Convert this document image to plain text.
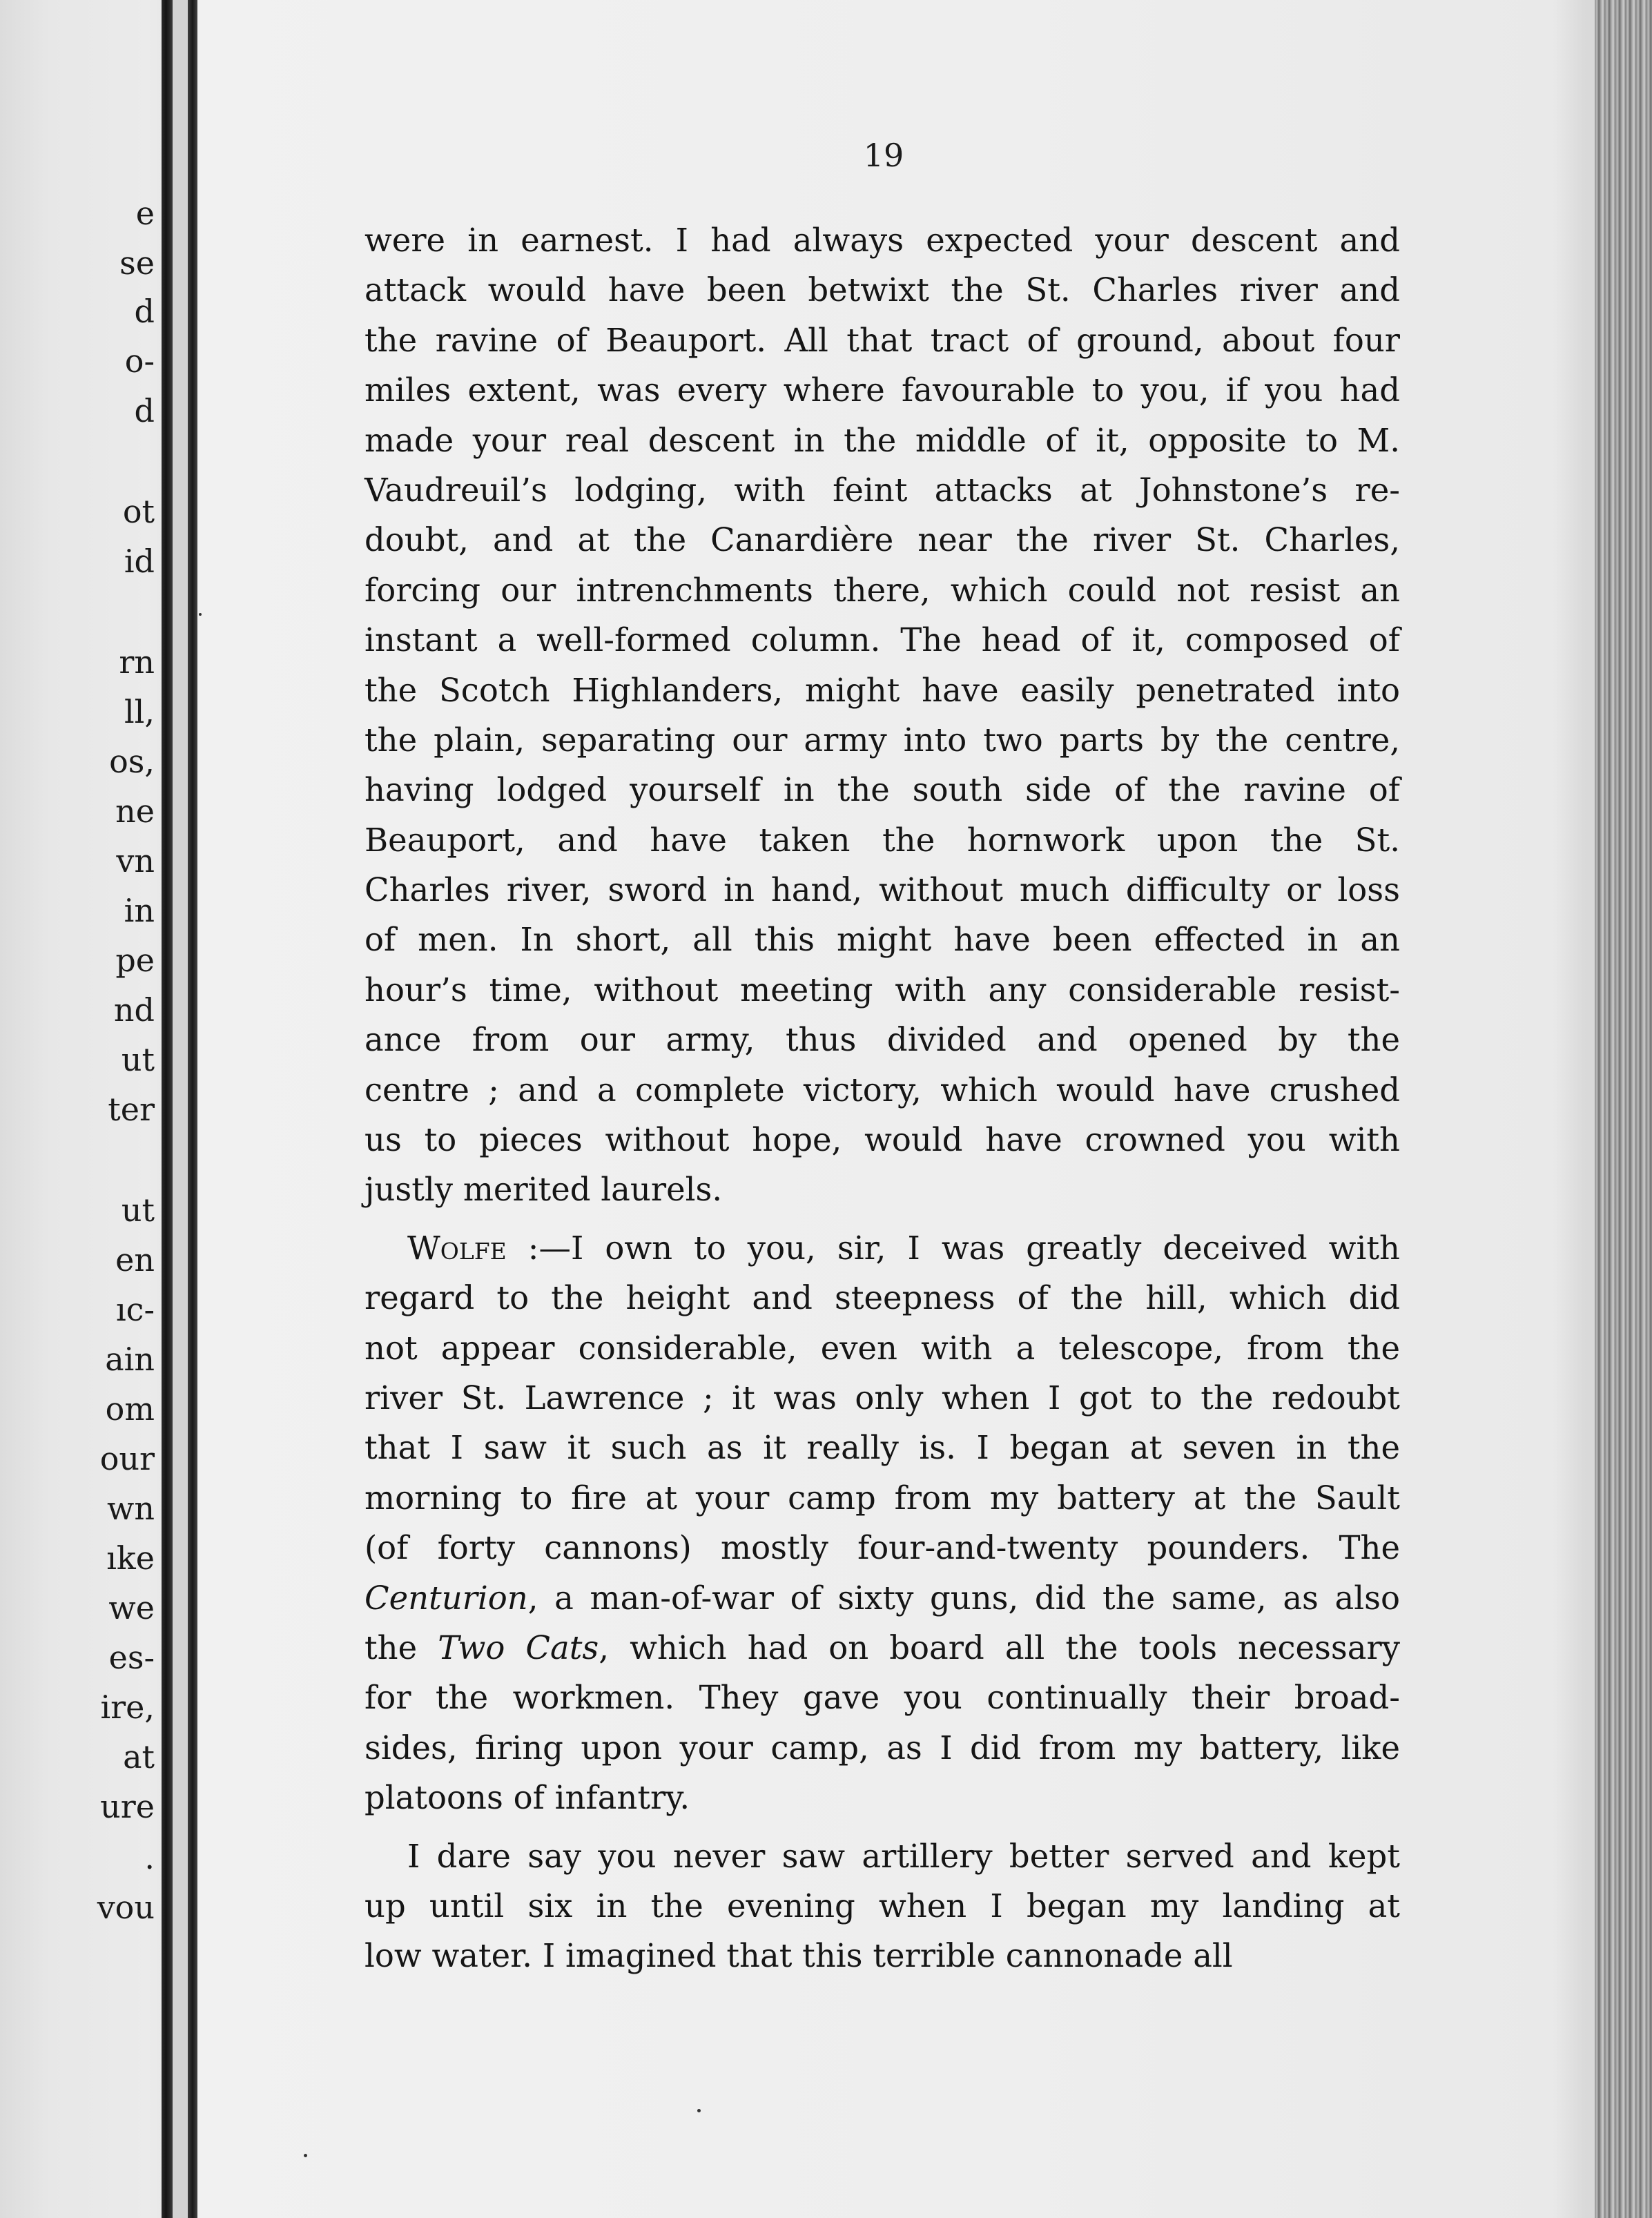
e
se
d
o-
d
ot
id
rn
ll,
os,
ne
vn
in
pe
nd
ut
ter
ut
en
ıc-
ain
om
our
wn
ıke
we
es-
ire,
at
ure
.
vou
19
were in earnest. I had always expected your descent and
attack would have been betwixt the St. Charles river and
the ravine of Beauport. All that tract of ground, about four
miles extent, was every where favourable to you, if you had
made your real descent in the middle of it, opposite to M.
Vaudreuil’s lodging, with feint attacks at Johnstone’s re-
doubt, and at the Canardière near the river St. Charles,
forcing our intrenchments there, which could not resist an
instant a well-formed column. The head of it, composed of
the Scotch Highlanders, might have easily penetrated into
the plain, separating our army into two parts by the centre,
having lodged yourself in the south side of the ravine of
Beauport, and have taken the hornwork upon the St.
Charles river, sword in hand, without much difficulty or loss
of men. In short, all this might have been effected in an
hour’s time, without meeting with any considerable resist-
ance from our army, thus divided and opened by the
centre ; and a complete victory, which would have crushed
us to pieces without hope, would have crowned you with
justly merited laurels.
Wolfe :—I own to you, sir, I was greatly deceived with
regard to the height and steepness of the hill, which did
not appear considerable, even with a telescope, from the
river St. Lawrence ; it was only when I got to the redoubt
that I saw it such as it really is. I began at seven in the
morning to fire at your camp from my battery at the Sault
(of forty cannons) mostly four-and-twenty pounders. The
Centurion, a man-of-war of sixty guns, did the same, as also
the Two Cats, which had on board all the tools necessary
for the workmen. They gave you continually their broad-
sides, firing upon your camp, as I did from my battery, like
platoons of infantry.
I dare say you never saw artillery better served and kept
up until six in the evening when I began my landing at
low water. I imagined that this terrible cannonade all
